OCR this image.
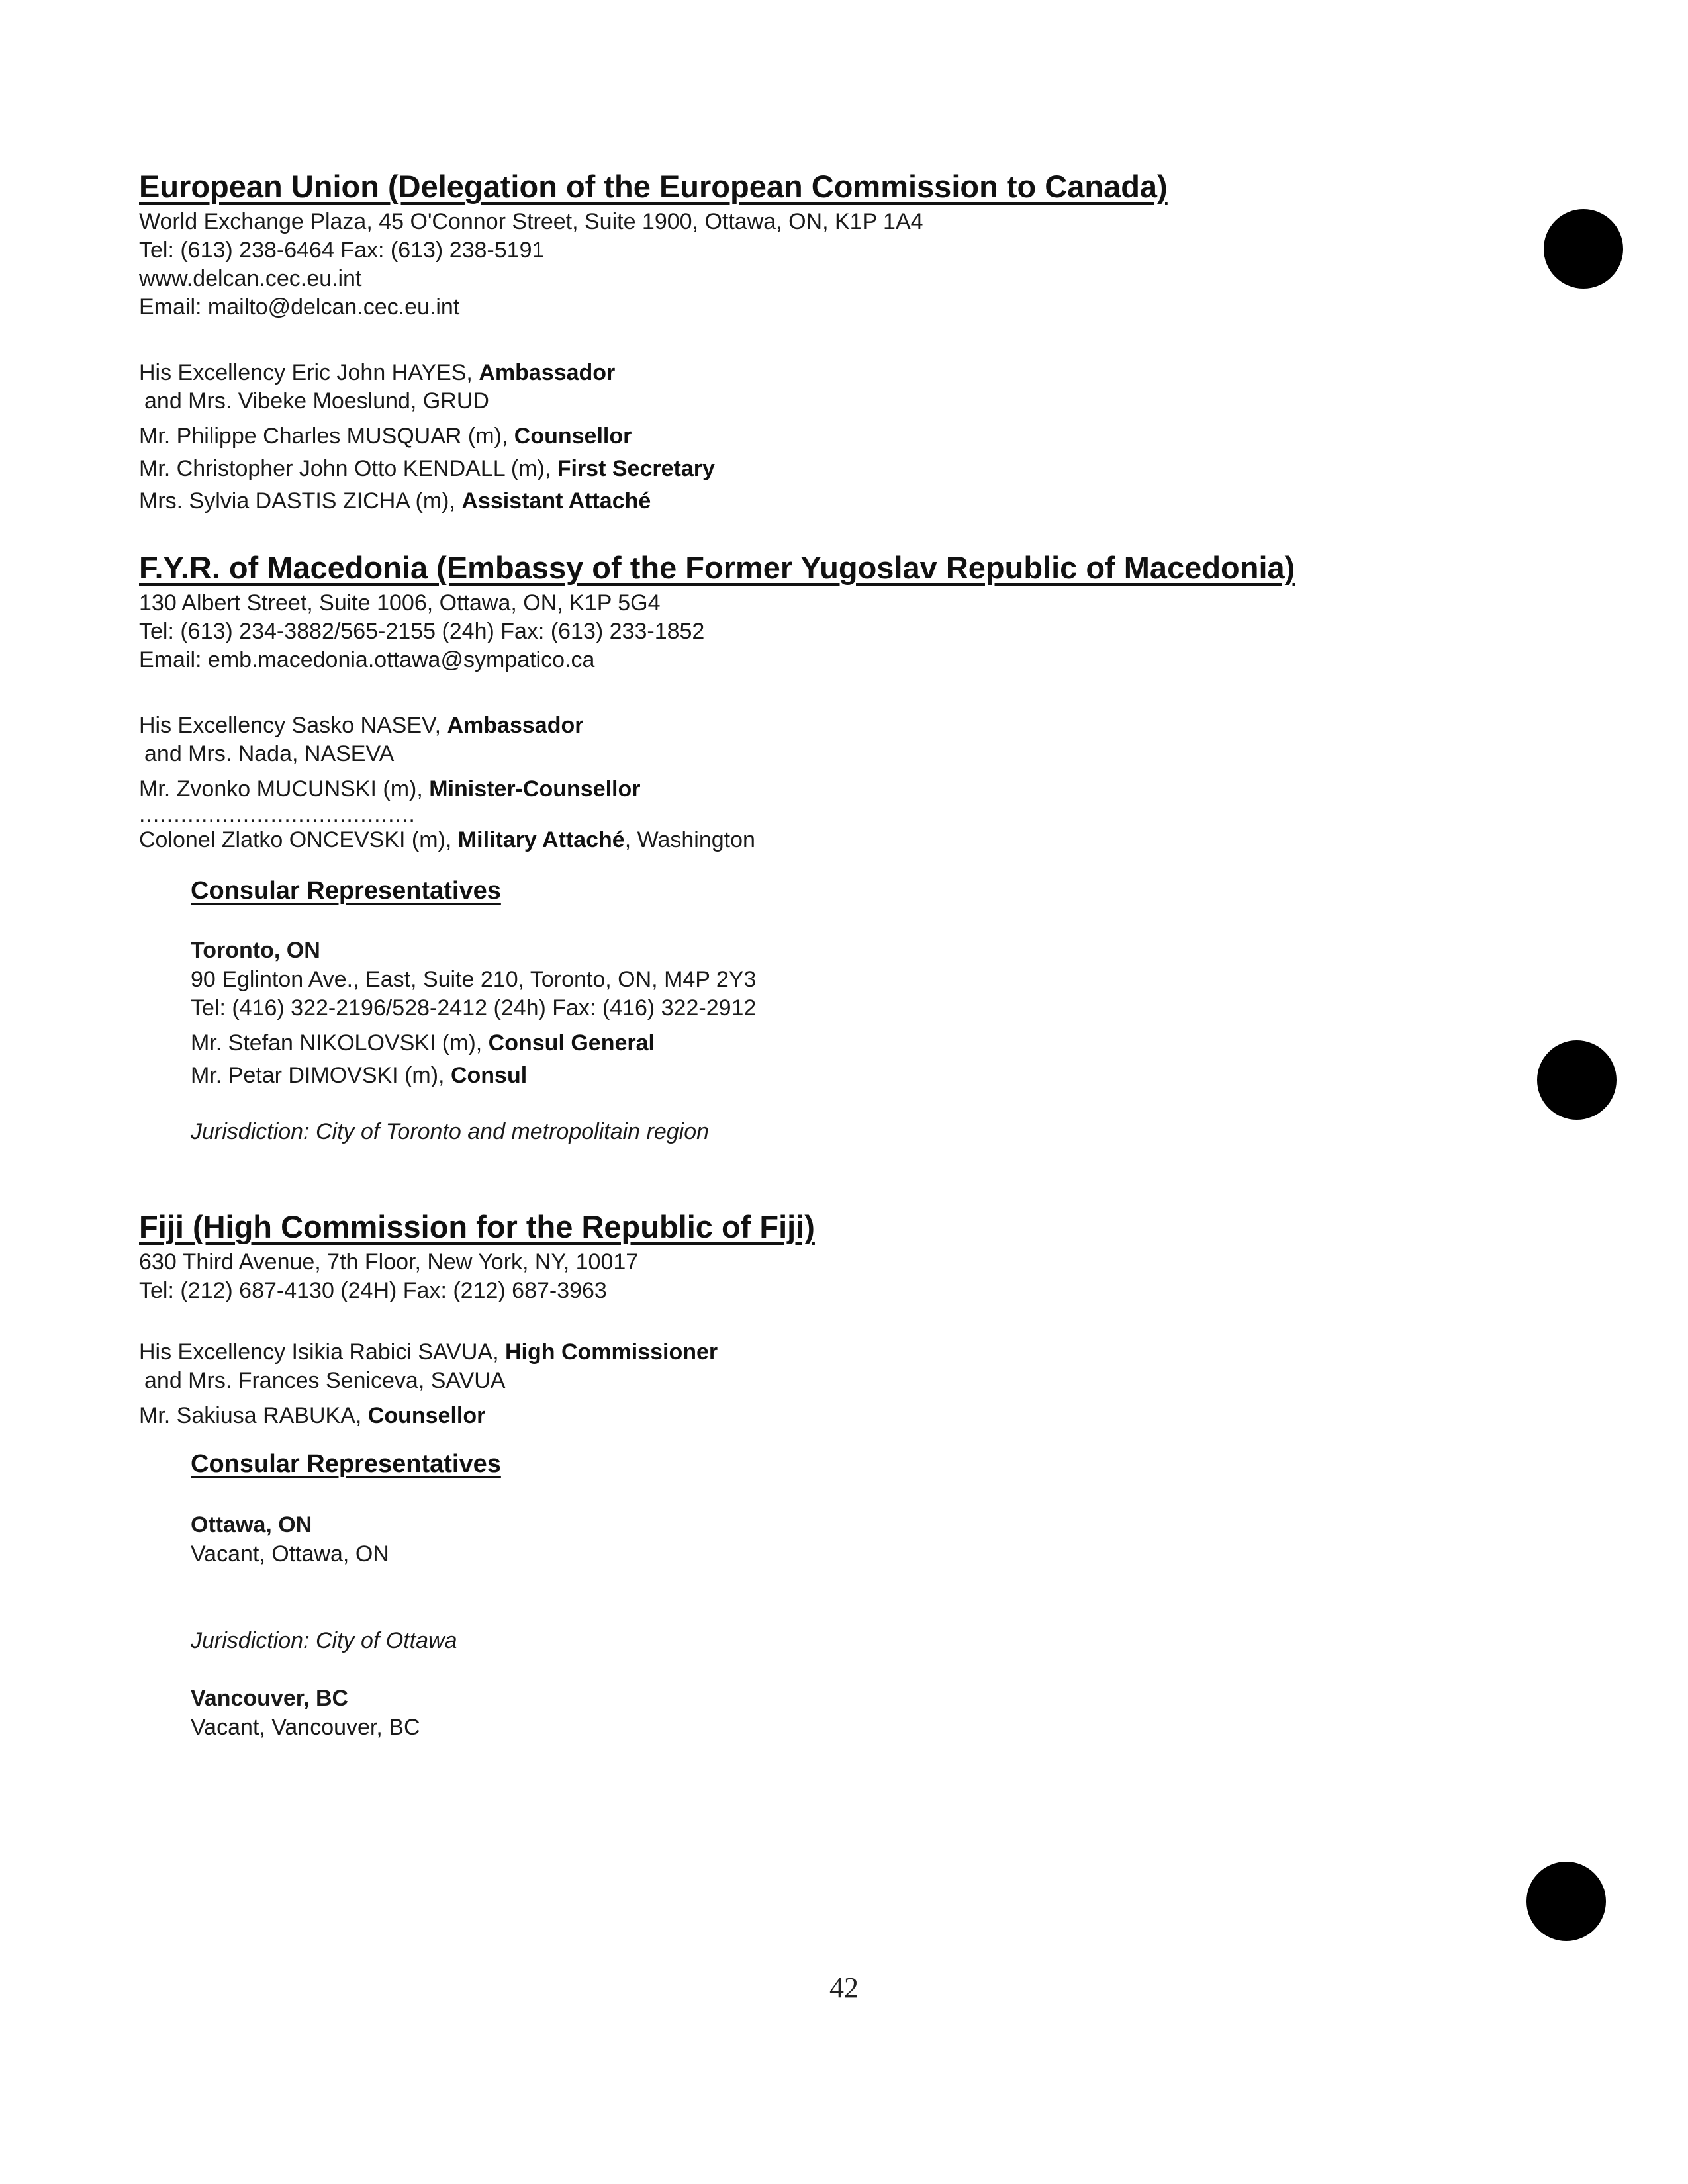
European Union (Delegation of the European Commission to Canada)
World Exchange Plaza, 45 O'Connor Street, Suite 1900, Ottawa, ON, K1P 1A4
Tel: (613) 238-6464 Fax: (613) 238-5191
www.delcan.cec.eu.int
Email: mailto@delcan.cec.eu.int
His Excellency Eric John HAYES, Ambassador
and Mrs. Vibeke Moeslund, GRUD
Mr. Philippe Charles MUSQUAR (m), Counsellor
Mr. Christopher John Otto KENDALL (m), First Secretary
Mrs. Sylvia DASTIS ZICHA (m), Assistant Attaché
F.Y.R. of Macedonia (Embassy of the Former Yugoslav Republic of Macedonia)
130 Albert Street, Suite 1006, Ottawa, ON, K1P 5G4
Tel: (613) 234-3882/565-2155 (24h) Fax: (613) 233-1852
Email: emb.macedonia.ottawa@sympatico.ca
His Excellency Sasko NASEV, Ambassador
and Mrs. Nada, NASEVA
Mr. Zvonko MUCUNSKI (m), Minister-Counsellor
........................................
Colonel Zlatko ONCEVSKI (m), Military Attaché, Washington
Consular Representatives
Toronto, ON
90 Eglinton Ave., East, Suite 210, Toronto, ON, M4P 2Y3
Tel: (416) 322-2196/528-2412 (24h) Fax: (416) 322-2912
Mr. Stefan NIKOLOVSKI (m), Consul General
Mr. Petar DIMOVSKI (m), Consul
Jurisdiction: City of Toronto and metropolitain region
Fiji (High Commission for the Republic of Fiji)
630 Third Avenue, 7th Floor, New York, NY, 10017
Tel: (212) 687-4130 (24H) Fax: (212) 687-3963
His Excellency Isikia Rabici SAVUA, High Commissioner
and Mrs. Frances Seniceva, SAVUA
Mr. Sakiusa RABUKA, Counsellor
Consular Representatives
Ottawa, ON
Vacant, Ottawa, ON
Jurisdiction: City of Ottawa
Vancouver, BC
Vacant, Vancouver, BC
42
